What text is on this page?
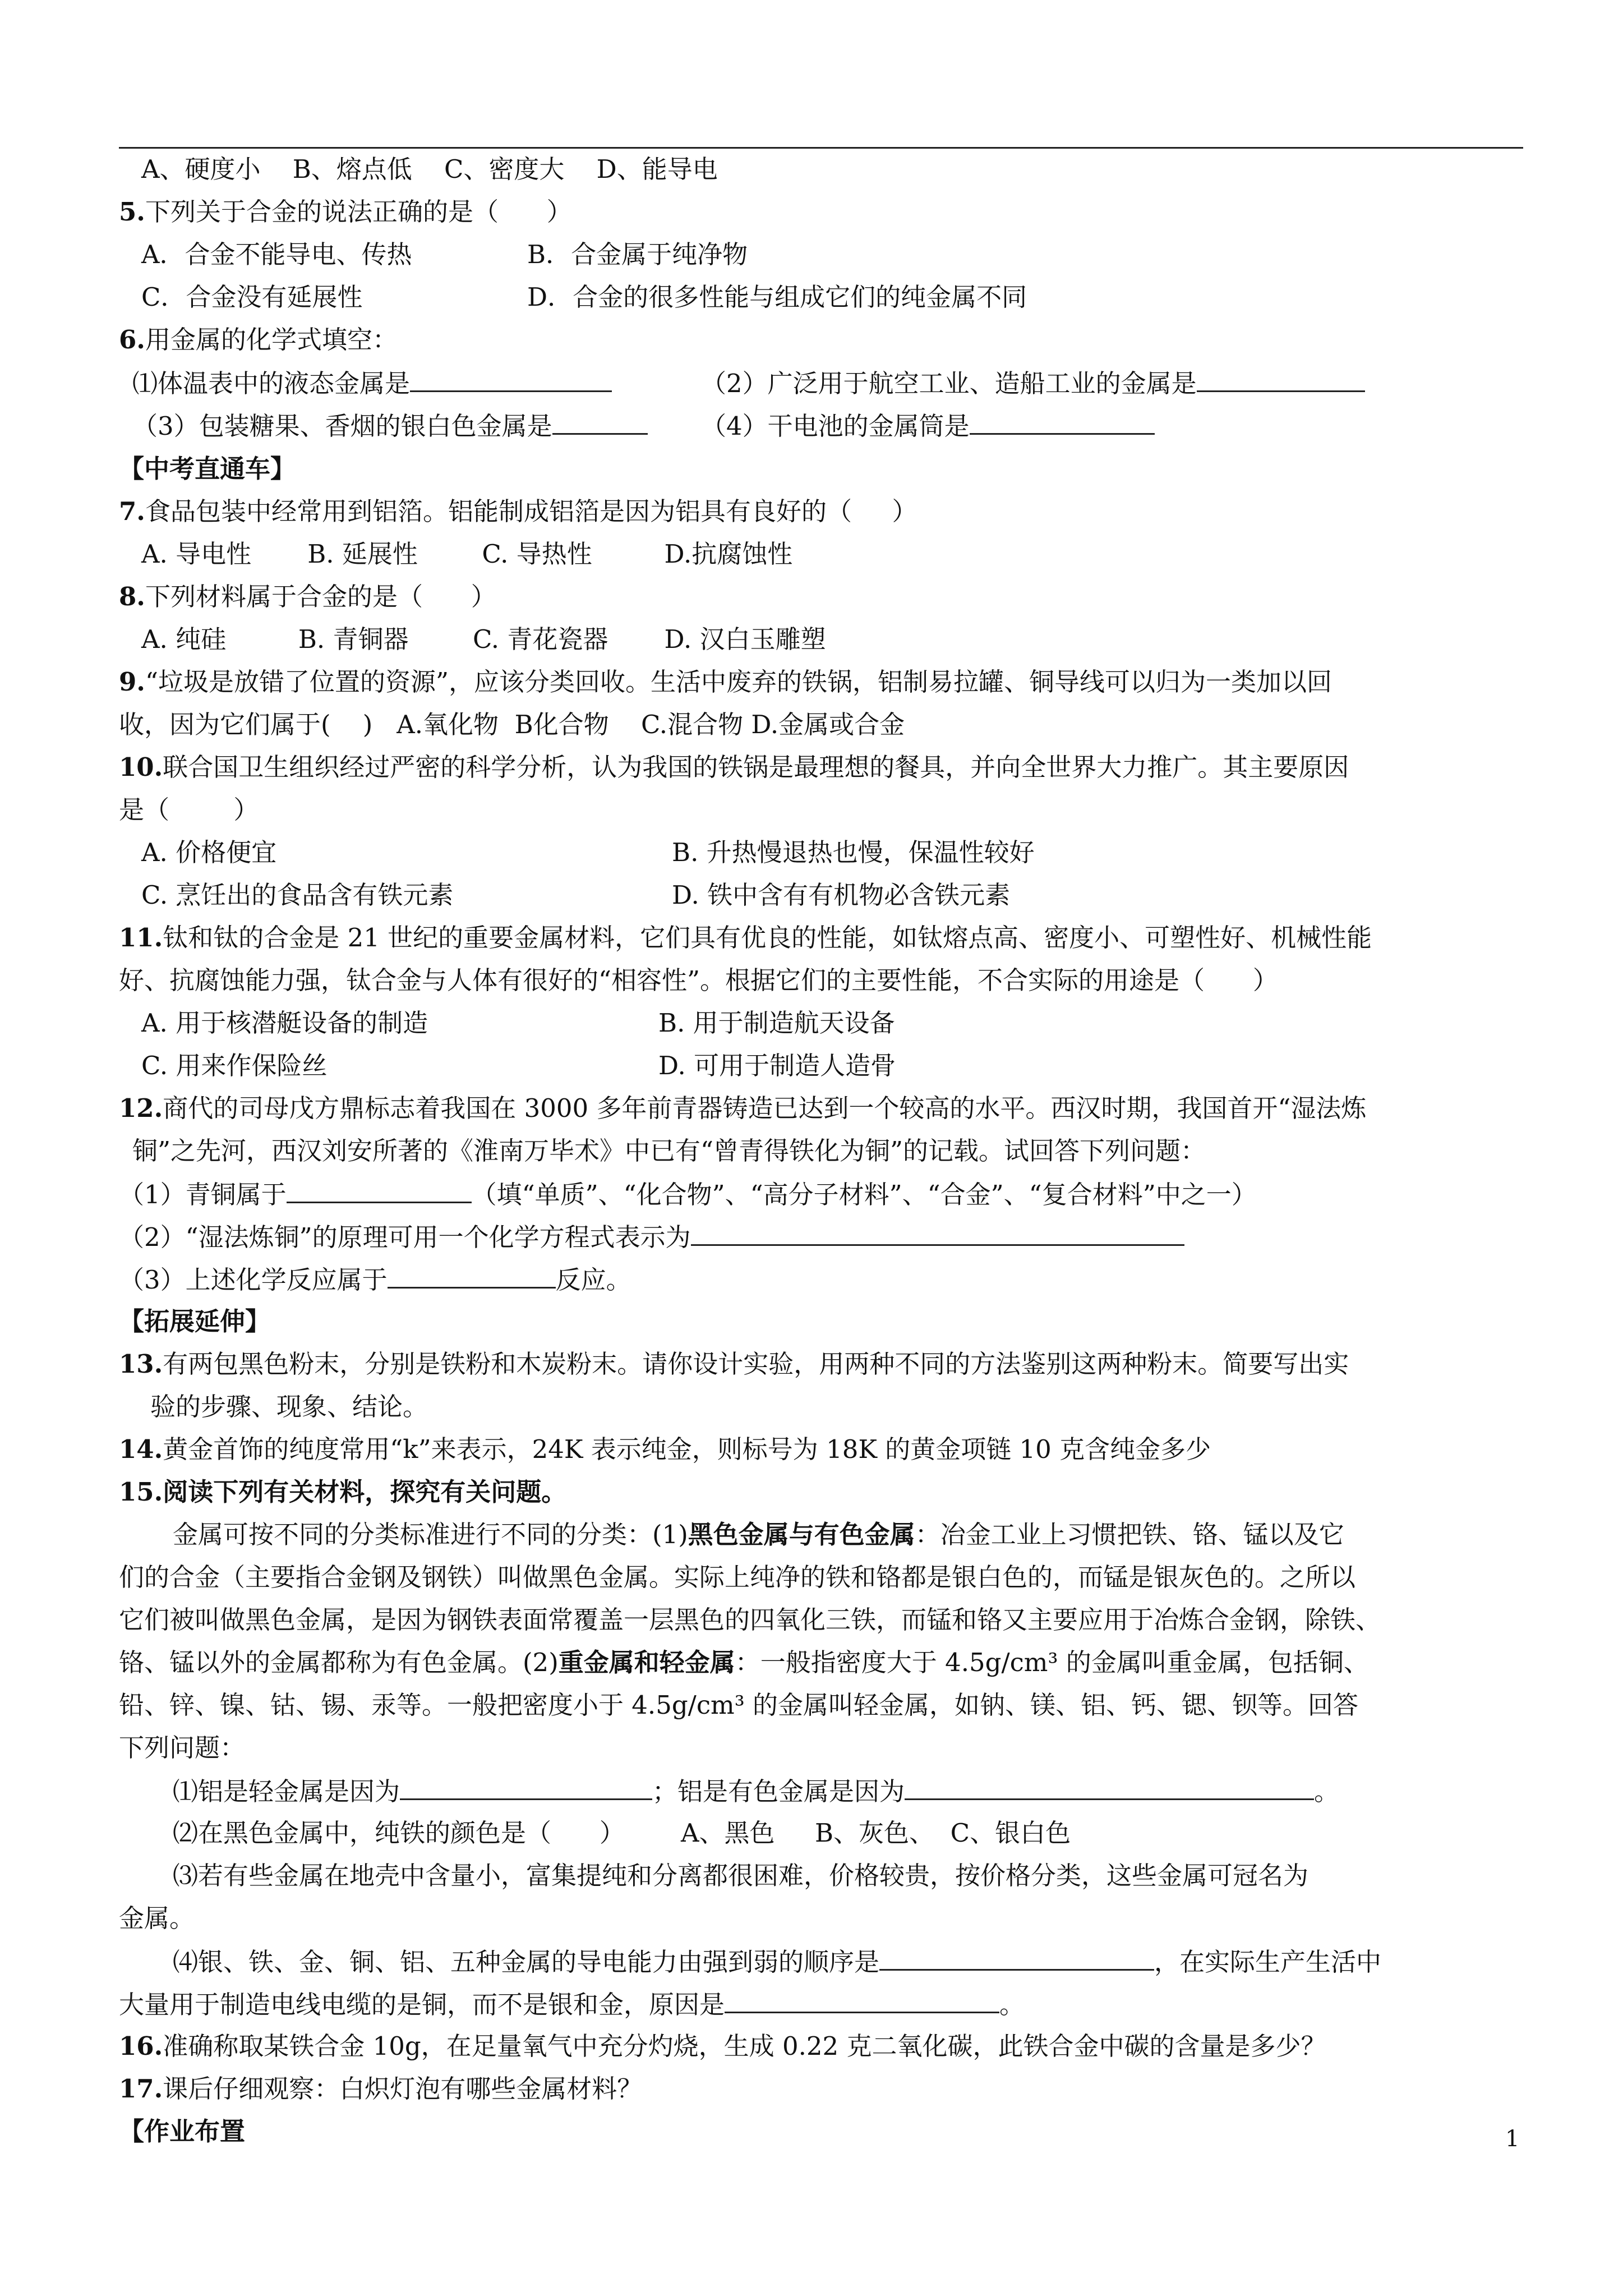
A、硬度小    B、熔点低    C、密度大    D、能导电
5.下列关于合金的说法正确的是（      ）
A．合金不能导电、传热	B．合金属于纯净物
C．合金没有延展性	D．合金的很多性能与组成它们的纯金属不同
6.用金属的化学式填空：
⑴体温表中的液态金属是	（2）广泛用于航空工业、造船工业的金属是
（3）包装糖果、香烟的银白色金属是	（4）干电池的金属筒是
【中考直通车】
7.食品包装中经常用到铝箔。铝能制成铝箔是因为铝具有良好的（     ）
A. 导电性       B. 延展性        C. 导热性         D.抗腐蚀性
8.下列材料属于合金的是（      ）
A. 纯硅         B. 青铜器        C. 青花瓷器       D. 汉白玉雕塑
9.“垃圾是放错了位置的资源”，应该分类回收。生活中废弃的铁锅，铝制易拉罐、铜导线可以归为一类加以回
收，因为它们属于(    )   A.氧化物  B化合物    C.混合物 D.金属或合金
10.联合国卫生组织经过严密的科学分析，认为我国的铁锅是最理想的餐具，并向全世界大力推广。其主要原因
是（        ）
A. 价格便宜	B. 升热慢退热也慢，保温性较好
C. 烹饪出的食品含有铁元素	D. 铁中含有有机物必含铁元素
11.钛和钛的合金是 21 世纪的重要金属材料，它们具有优良的性能，如钛熔点高、密度小、可塑性好、机械性能
好、抗腐蚀能力强，钛合金与人体有很好的“相容性”。根据它们的主要性能，不合实际的用途是（      ）
A. 用于核潜艇设备的制造	B. 用于制造航天设备
C. 用来作保险丝	D. 可用于制造人造骨
12.商代的司母戊方鼎标志着我国在 3000 多年前青器铸造已达到一个较高的水平。西汉时期，我国首开“湿法炼
铜”之先河，西汉刘安所著的《淮南万毕术》中已有“曾青得铁化为铜”的记载。试回答下列问题：
（1）青铜属于	（填“单质”、“化合物”、“高分子材料”、“合金”、“复合材料”中之一）
（2）“湿法炼铜”的原理可用一个化学方程式表示为
（3）上述化学反应属于	反应。
【拓展延伸】
13.有两包黑色粉末，分别是铁粉和木炭粉末。请你设计实验，用两种不同的方法鉴别这两种粉末。简要写出实
验的步骤、现象、结论。
14.黄金首饰的纯度常用“k”来表示，24K 表示纯金，则标号为 18K 的黄金项链 10 克含纯金多少
15.阅读下列有关材料，探究有关问题。
金属可按不同的分类标准进行不同的分类：(1)黑色金属与有色金属：冶金工业上习惯把铁、铬、锰以及它
们的合金（主要指合金钢及钢铁）叫做黑色金属。实际上纯净的铁和铬都是银白色的，而锰是银灰色的。之所以
它们被叫做黑色金属，是因为钢铁表面常覆盖一层黑色的四氧化三铁，而锰和铬又主要应用于冶炼合金钢，除铁、
铬、锰以外的金属都称为有色金属。(2)重金属和轻金属：一般指密度大于 4.5g/cm³ 的金属叫重金属，包括铜、
铅、锌、镍、钴、锡、汞等。一般把密度小于 4.5g/cm³ 的金属叫轻金属，如钠、镁、铝、钙、锶、钡等。回答
下列问题：
⑴铝是轻金属是因为	；铝是有色金属是因为	。
⑵在黑色金属中，纯铁的颜色是（      ）       A、黑色     B、灰色、  C、银白色
⑶若有些金属在地壳中含量小，富集提纯和分离都很困难，价格较贵，按价格分类，这些金属可冠名为
金属。
⑷银、铁、金、铜、铝、五种金属的导电能力由强到弱的顺序是	，在实际生产生活中
大量用于制造电线电缆的是铜，而不是银和金，原因是	。
16.准确称取某铁合金 10g，在足量氧气中充分灼烧，生成 0.22 克二氧化碳，此铁合金中碳的含量是多少？
17.课后仔细观察：白炽灯泡有哪些金属材料？
【作业布置	1
